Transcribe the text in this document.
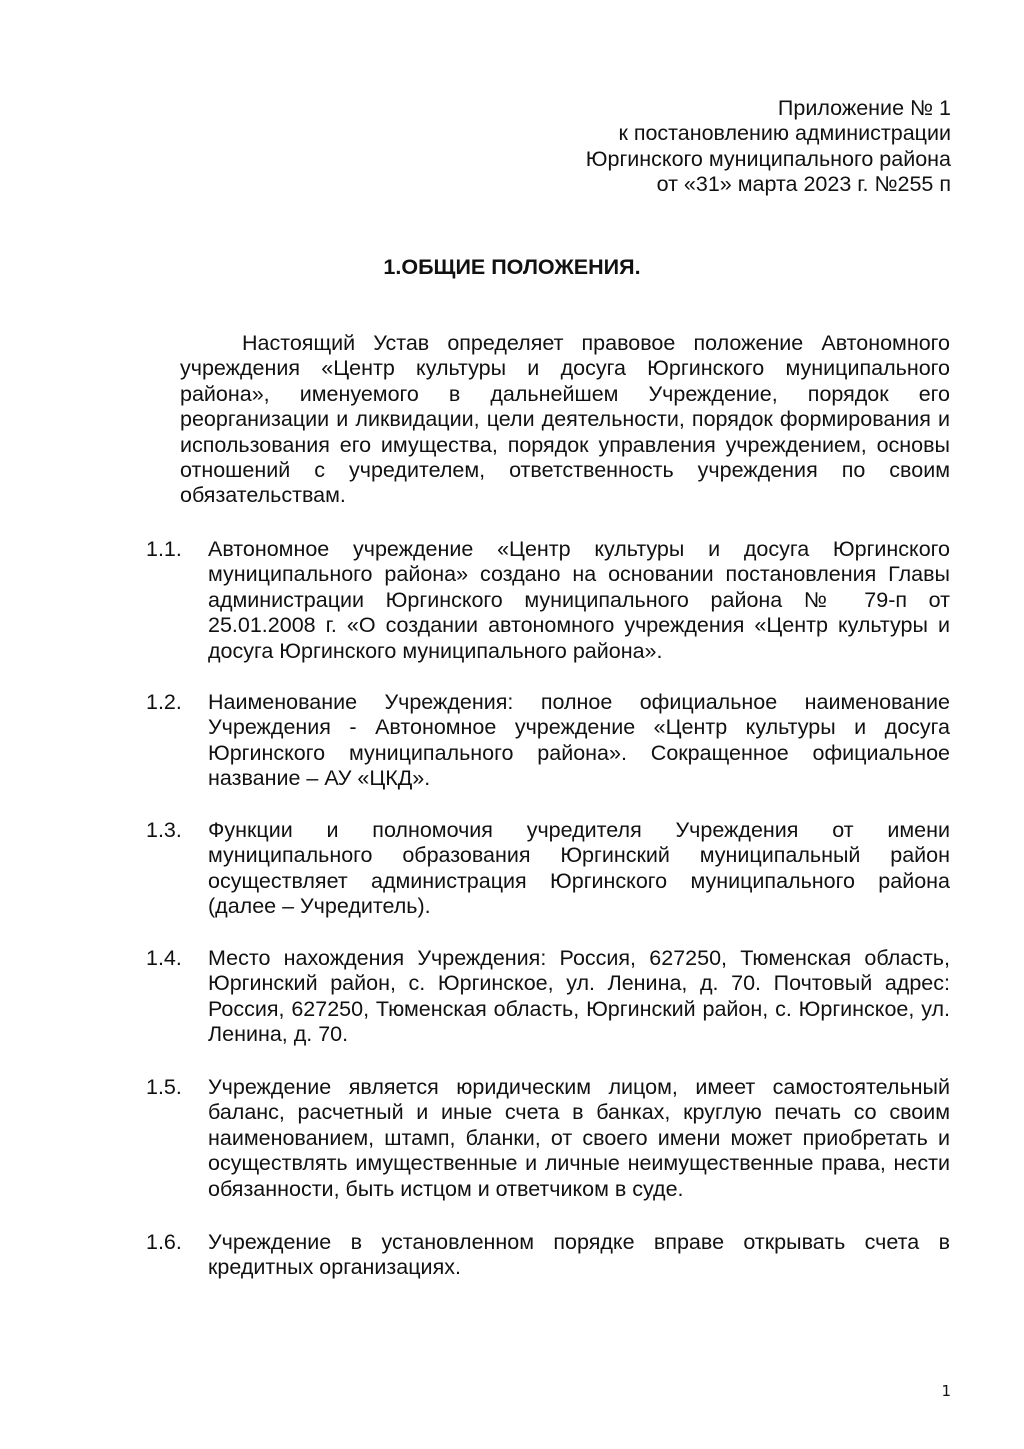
Приложение № 1
к постановлению администрации
Юргинского муниципального района
от «31» марта 2023 г. №255 п
1.ОБЩИЕ ПОЛОЖЕНИЯ.

Настоящий Устав определяет правовое положение Автономного учреждения «Центр культуры и досуга Юргинского муниципального района», именуемого в дальнейшем Учреждение, порядок его реорганизации и ликвидации, цели деятельности, порядок формирования и использования его имущества, порядок управления учреждением, основы отношений с учредителем, ответственность учреждения по своим обязательствам.

1.1. Автономное учреждение «Центр культуры и досуга Юргинского муниципального района» создано на основании постановления Главы администрации Юргинского муниципального района № 79-п от 25.01.2008 г. «О создании автономного учреждения «Центр культуры и досуга Юргинского муниципального района».

1.2. Наименование Учреждения: полное официальное наименование Учреждения - Автономное учреждение «Центр культуры и досуга Юргинского муниципального района». Сокращенное официальное название – АУ «ЦКД».

1.3. Функции и полномочия учредителя Учреждения от имени муниципального образования Юргинский муниципальный район осуществляет администрация Юргинского муниципального района (далее – Учредитель).

1.4. Место нахождения Учреждения: Россия, 627250, Тюменская область, Юргинский район, с. Юргинское, ул. Ленина, д. 70. Почтовый адрес: Россия, 627250, Тюменская область, Юргинский район, с. Юргинское, ул. Ленина, д. 70.

1.5. Учреждение является юридическим лицом, имеет самостоятельный баланс, расчетный и иные счета в банках, круглую печать со своим наименованием, штамп, бланки, от своего имени может приобретать и осуществлять имущественные и личные неимущественные права, нести обязанности, быть истцом и ответчиком в суде.

1.6. Учреждение в установленном порядке вправе открывать счета в кредитных организациях.

1
